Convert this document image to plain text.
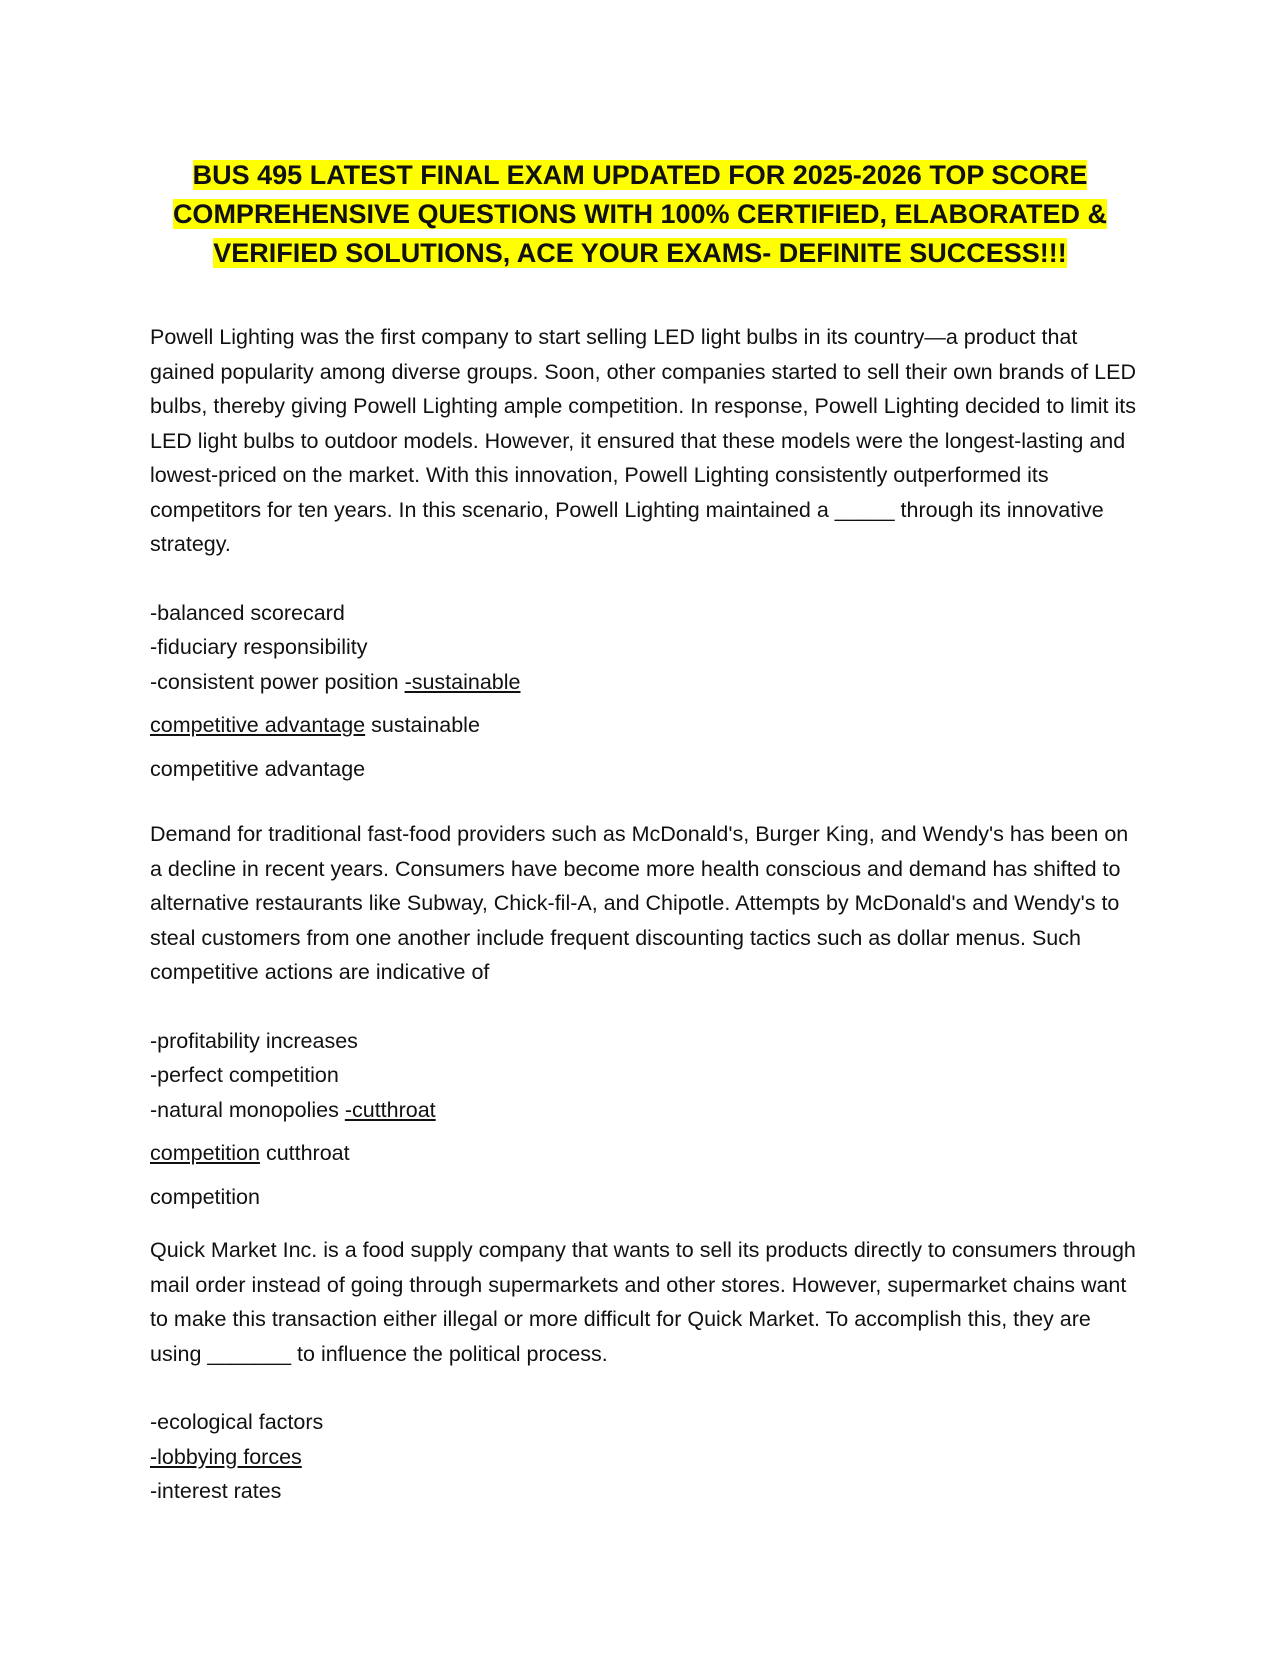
BUS 495 LATEST FINAL EXAM UPDATED FOR 2025-2026 TOP SCORE COMPREHENSIVE QUESTIONS WITH 100% CERTIFIED, ELABORATED & VERIFIED SOLUTIONS, ACE YOUR EXAMS- DEFINITE SUCCESS!!!

Powell Lighting was the first company to start selling LED light bulbs in its country—a product that gained popularity among diverse groups. Soon, other companies started to sell their own brands of LED bulbs, thereby giving Powell Lighting ample competition. In response, Powell Lighting decided to limit its LED light bulbs to outdoor models. However, it ensured that these models were the longest-lasting and lowest-priced on the market. With this innovation, Powell Lighting consistently outperformed its competitors for ten years. In this scenario, Powell Lighting maintained a _____ through its innovative strategy.

-balanced scorecard

-fiduciary responsibility

-consistent power position -sustainable

competitive advantage sustainable

competitive advantage

Demand for traditional fast-food providers such as McDonald's, Burger King, and Wendy's has been on a decline in recent years. Consumers have become more health conscious and demand has shifted to alternative restaurants like Subway, Chick-fil-A, and Chipotle. Attempts by McDonald's and Wendy's to steal customers from one another include frequent discounting tactics such as dollar menus. Such competitive actions are indicative of

-profitability increases

-perfect competition

-natural monopolies -cutthroat

competition cutthroat

competition

Quick Market Inc. is a food supply company that wants to sell its products directly to consumers through mail order instead of going through supermarkets and other stores. However, supermarket chains want to make this transaction either illegal or more difficult for Quick Market. To accomplish this, they are using _______ to influence the political process.

-ecological factors

-lobbying forces

-interest rates
